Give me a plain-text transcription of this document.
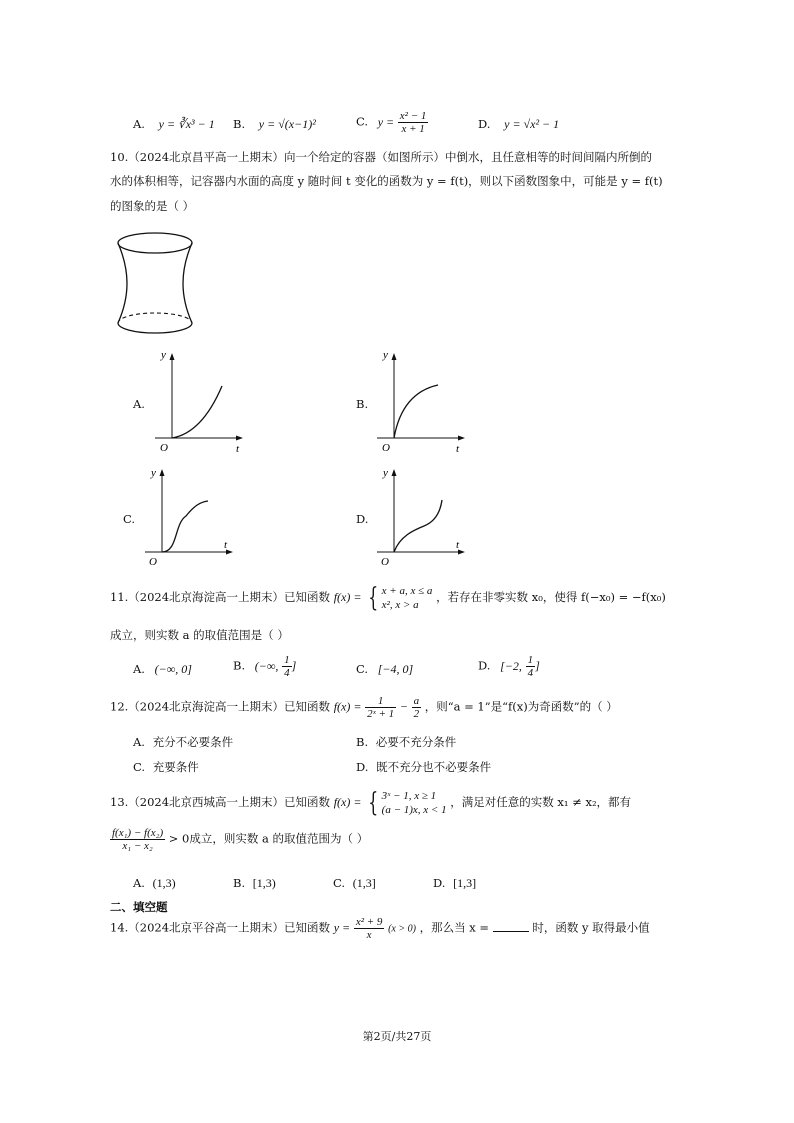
A. y = ∛x³ − 1 B. y = √(x−1)²	C. $y = \frac{\text{x² − 1}}{x + 1}$	D. y = √x² − 1
10.（2024北京昌平高一上期末）向一个给定的容器（如图所示）中倒水，且任意相等的时间间隔内所倒的
水的体积相等，记容器内水面的高度 y 随时间 t 变化的函数为 y = f(t)，则以下函数图象中，可能是 y = f(t)
的图象的是（ ）
A.
y
t
O
B.
y
t
O
C.
y
t
O
D.
y
t
O
11.（2024北京海淀高一上期末）已知函数 f(x) = { x + a, x ≤ a
x², x > a
，若存在非零实数 x₀，使得 f(−x₀) = −f(x₀)
成立，则实数 a 的取值范围是（ ）
A. (−∞, 0]	B. (−∞, $\frac{1}{4}$ ]	C. [−4, 0]	D. [−2, $\frac{1}{4}$ ]
12.（2024北京海淀高一上期末）已知函数 $f(x) = \frac{1}{\text{2ˣ + 1}} - \frac{a}{2}$ ，则“a = 1”是“f(x)为奇函数”的（ ）
A. 充分不必要条件	B. 必要不充分条件
C. 充要条件	D. 既不充分也不必要条件
13.（2024北京西城高一上期末）已知函数 f(x) = { 3ˣ − 1, x ≥ 1
(a − 1)x, x < 1
，满足对任意的实数 x₁ ≠ x₂，都有
$\frac{\text{f(x₁) − f(x₂)}}{\text{x₁ − x₂}} > 0$成立，则实数 a 的取值范围为（ ）
A. (1,3)	B. [1,3)	C. (1,3]	D. [1,3]
二、填空题
14.（2024北京平谷高一上期末）已知函数 $y = \frac{\text{x² + 9}}{x} (x > 0)$ ，那么当 x =	时，函数 y 取得最小值
第2页/共27页
